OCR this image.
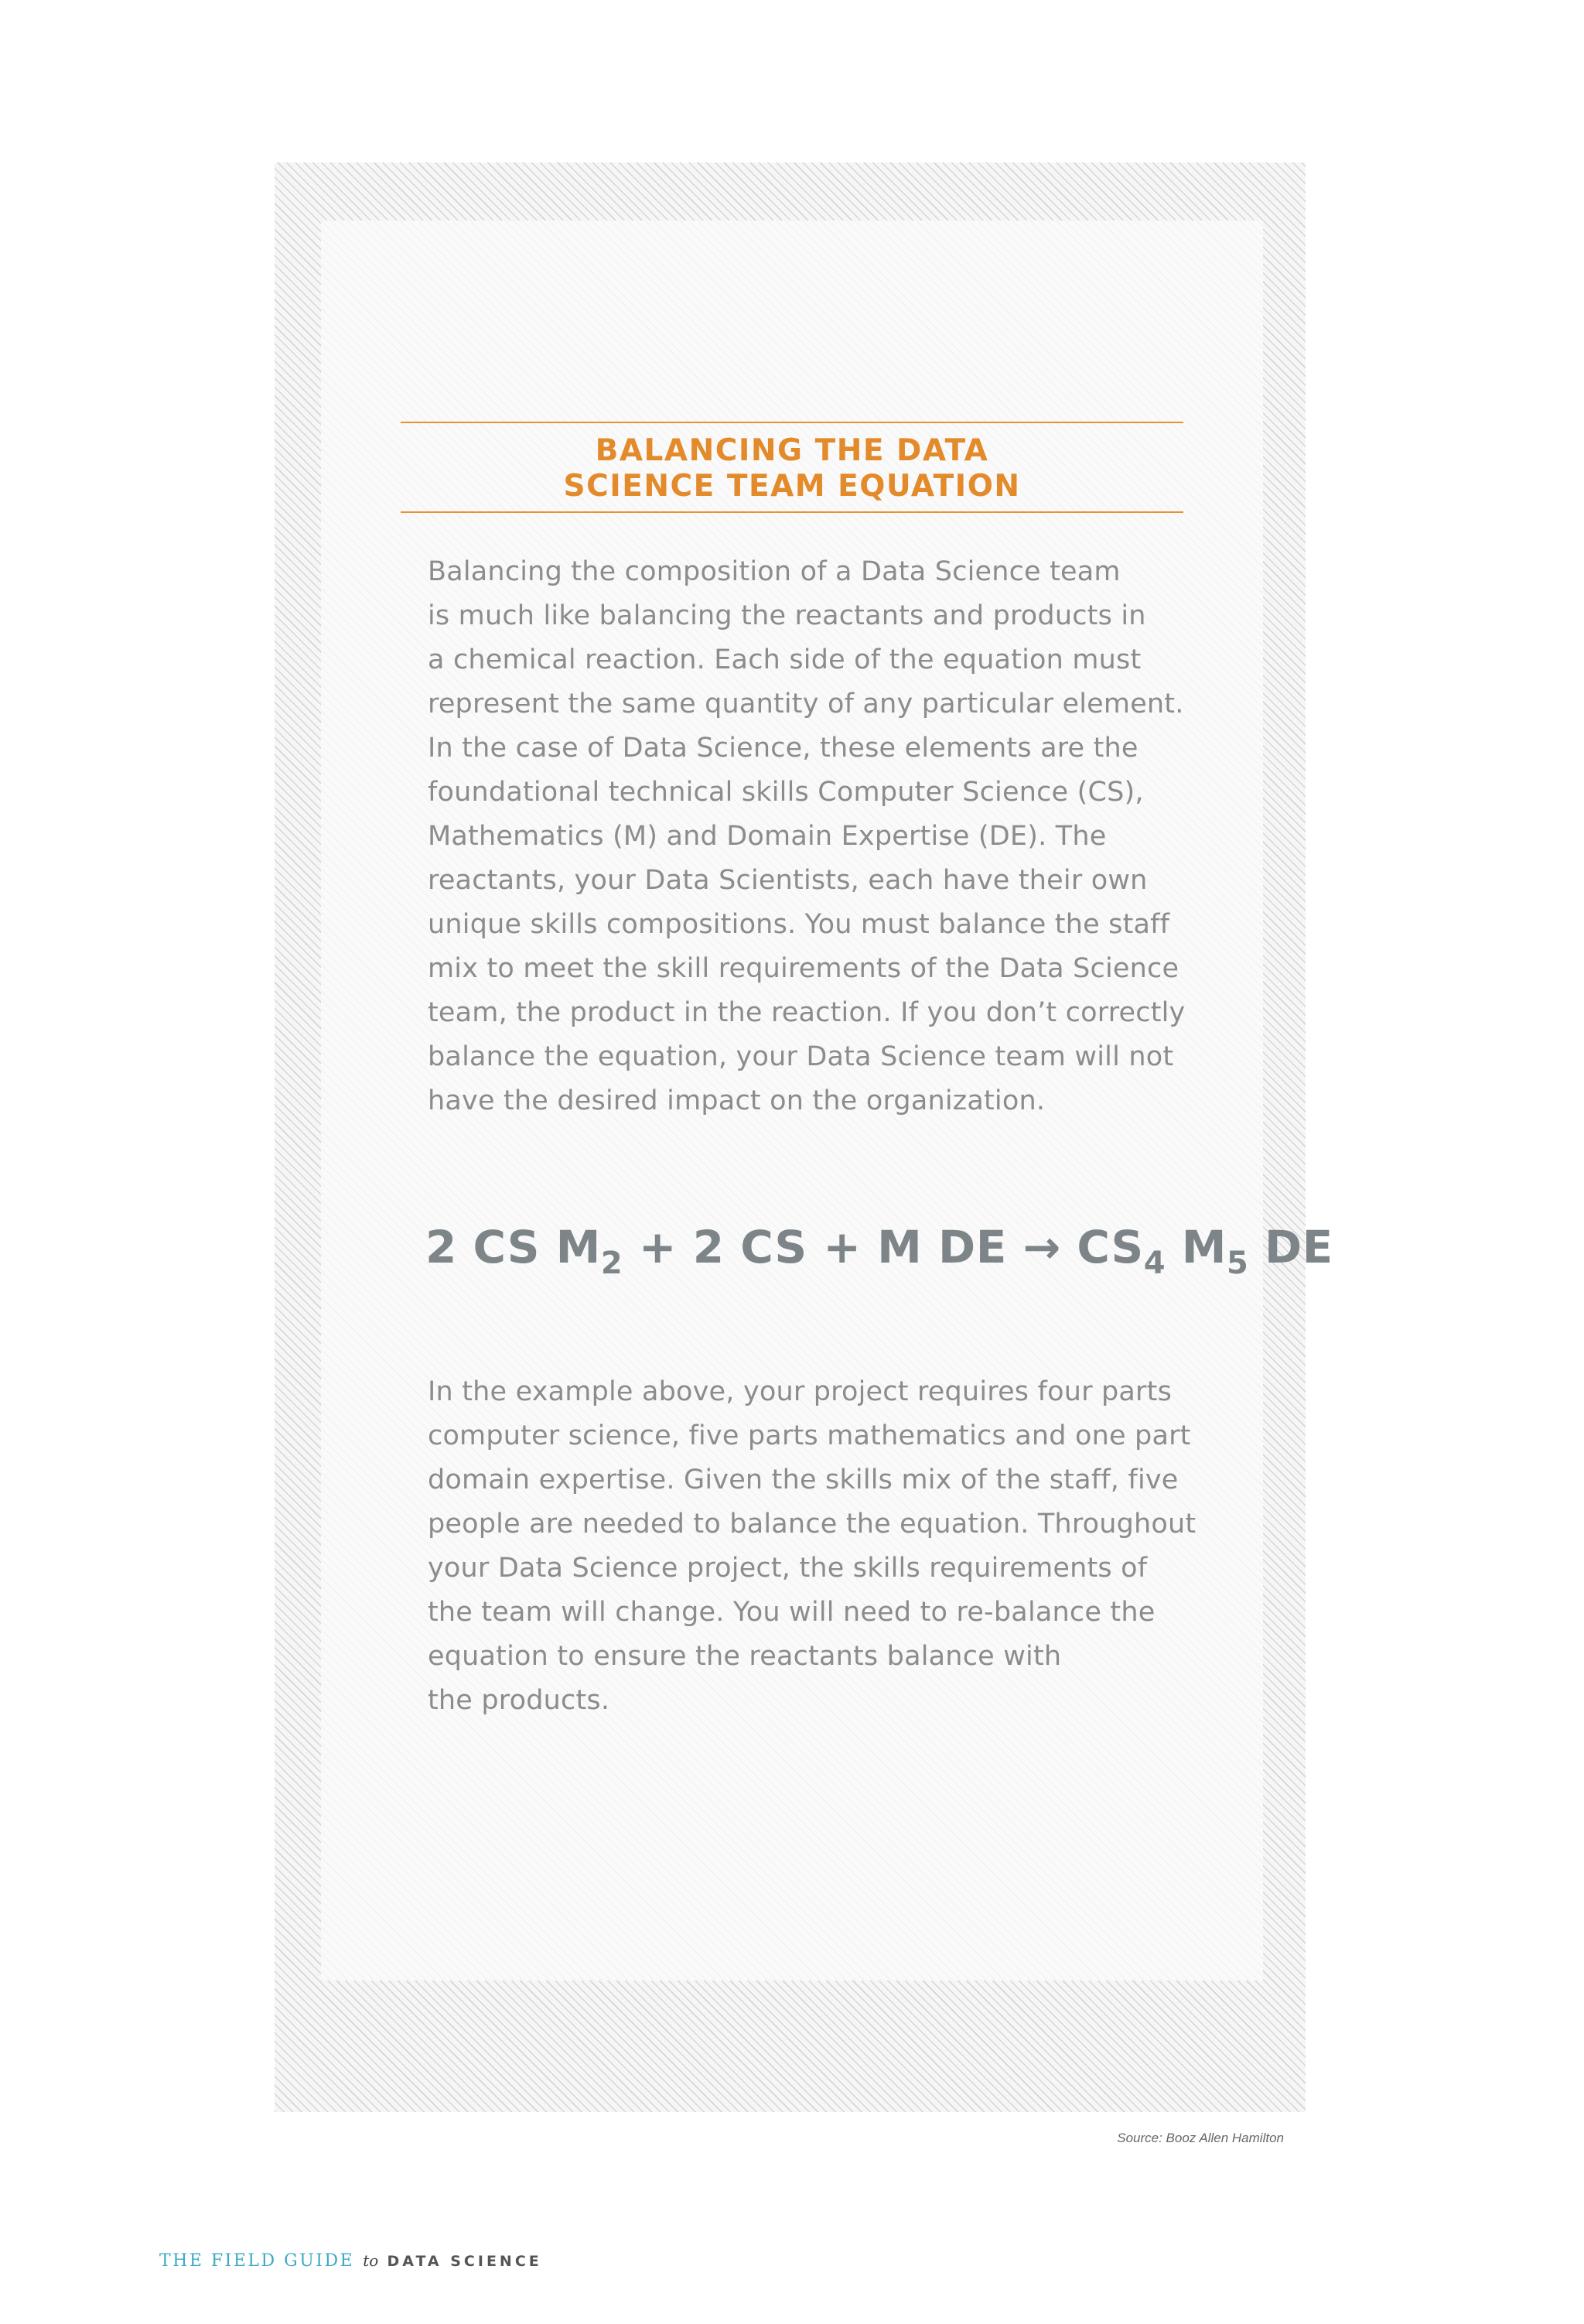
BALANCING THE DATA
SCIENCE TEAM EQUATION
Balancing the composition of a Data Science team
is much like balancing the reactants and products in
a chemical reaction. Each side of the equation must
represent the same quantity of any particular element.
In the case of Data Science, these elements are the
foundational technical skills Computer Science (CS),
Mathematics (M) and Domain Expertise (DE). The
reactants, your Data Scientists, each have their own
unique skills compositions. You must balance the staff
mix to meet the skill requirements of the Data Science
team, the product in the reaction. If you don’t correctly
balance the equation, your Data Science team will not
have the desired impact on the organization.
2 CS $M_2 + 2$ CS + M DE → $CS_4$ $M_5$ DE
In the example above, your project requires four parts
computer science, five parts mathematics and one part
domain expertise. Given the skills mix of the staff, five
people are needed to balance the equation. Throughout
your Data Science project, the skills requirements of
the team will change. You will need to re-balance the
equation to ensure the reactants balance with
the products.
Source: Booz Allen Hamilton
THE FIELD GUIDE to DATA SCIENCE
